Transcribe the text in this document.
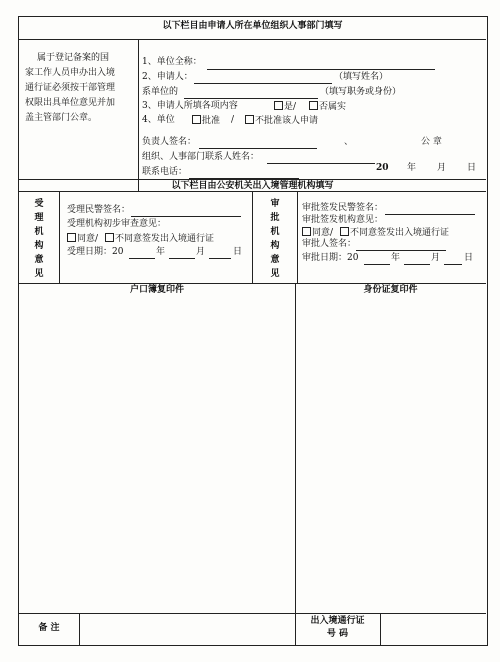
以下栏目由申请人所在单位组织人事部门填写
属于登记备案的国
家工作人员申办出入境
通行证必须按干部管理
权限出具单位意见并加
盖主管部门公章。
1、单位全称：
2、申请人：	（填写姓名）
系单位的	（填写职务或身份）
3、申请人所填各项内容	是/	否属实
4、单位	批准 /	不批准该人申请
负责人签名：	、	公 章
组织、人事部门联系人姓名：
联系电话：	20 年 月 日
以下栏目由公安机关出入境管理机构填写
受理机构意见
受理民警签名：
受理机构初步审查意见：
同意/	不同意签发出入境通行证
受理日期：20	年	月	日
审批机构意见
审批签发民警签名：
审批签发机构意见：
同意/	不同意签发出入境通行证
审批人签名：
审批日期：20	年	月	日
户口簿复印件	身份证复印件
备 注
出入境通行证
号 码
